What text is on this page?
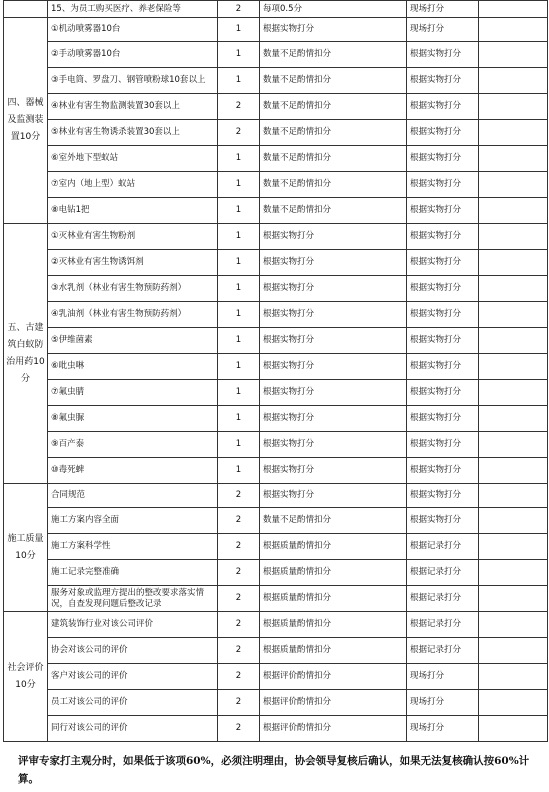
	15、为员工购买医疗、养老保险等	2	每项0.5分	现场打分	
四、器械及监测装置10分	①机动喷雾器10台	1	根据实物打分	现场打分	
	②手动喷雾器10台	1	数量不足酌情扣分	根据实物打分	
	③手电筒、罗盘刀、钢管喷粉球10套以上	1	数量不足酌情扣分	根据实物打分	
	④林业有害生物监测装置30套以上	2	数量不足酌情扣分	根据实物打分	
	⑤林业有害生物诱杀装置30套以上	2	数量不足酌情扣分	根据实物打分	
	⑥室外地下型蚁站	1	数量不足酌情扣分	根据实物打分	
	⑦室内（地上型）蚁站	1	数量不足酌情扣分	根据实物打分	
	⑧电钻1把	1	数量不足酌情扣分	根据实物打分	
五、古建筑白蚁防治用药10分	①灭林业有害生物粉剂	1	根据实物打分	根据实物打分	
	②灭林业有害生物诱饵剂	1	根据实物打分	根据实物打分	
	③水乳剂（林业有害生物预防药剂）	1	根据实物打分	根据实物打分	
	④乳油剂（林业有害生物预防药剂）	1	根据实物打分	根据实物打分	
	⑤伊维菌素	1	根据实物打分	根据实物打分	
	⑥吡虫啉	1	根据实物打分	根据实物打分	
	⑦氟虫腈	1	根据实物打分	根据实物打分	
	⑧氟虫脲	1	根据实物打分	根据实物打分	
	⑨百产泰	1	根据实物打分	根据实物打分	
	⑩毒死蜱	1	根据实物打分	根据实物打分	
施工质量10分	合同规范	2	根据实物打分	根据实物打分	
	施工方案内容全面	2	数量不足酌情扣分	根据实物打分	
	施工方案科学性	2	根据质量酌情扣分	根据记录打分	
	施工记录完整准确	2	根据质量酌情扣分	根据记录打分	
	服务对象或监理方提出的整改要求落实情况，自查发现问题后整改记录	2	根据质量酌情扣分	根据记录打分	
社会评价10分	建筑装饰行业对该公司评价	2	根据质量酌情扣分	根据记录打分	
	协会对该公司的评价	2	根据质量酌情扣分	根据记录打分	
	客户对该公司的评价	2	根据评价酌情扣分	现场打分	
	员工对该公司的评价	2	根据评价酌情扣分	现场打分	
	同行对该公司的评价	2	根据评价酌情扣分	现场打分	
评审专家打主观分时，如果低于该项60%，必须注明理由，协会领导复核后确认，如果无法复核确认按60%计算。
